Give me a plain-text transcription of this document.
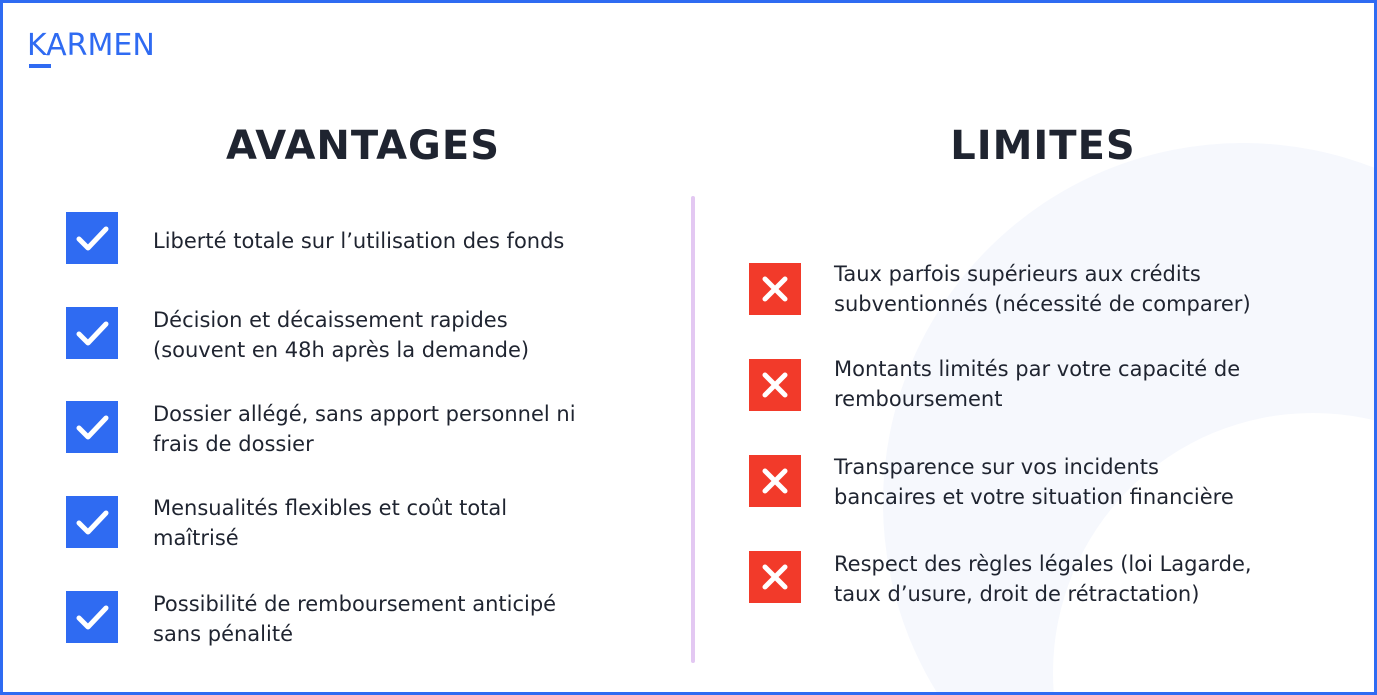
KARMEN
AVANTAGES	LIMITES
Liberté totale sur l’utilisation des fonds
Décision et décaissement rapides
(souvent en 48h après la demande)
Dossier allégé, sans apport personnel ni
frais de dossier
Mensualités flexibles et coût total
maîtrisé
Possibilité de remboursement anticipé
sans pénalité
Taux parfois supérieurs aux crédits
subventionnés (nécessité de comparer)
Montants limités par votre capacité de
remboursement
Transparence sur vos incidents
bancaires et votre situation financière
Respect des règles légales (loi Lagarde,
taux d’usure, droit de rétractation)
